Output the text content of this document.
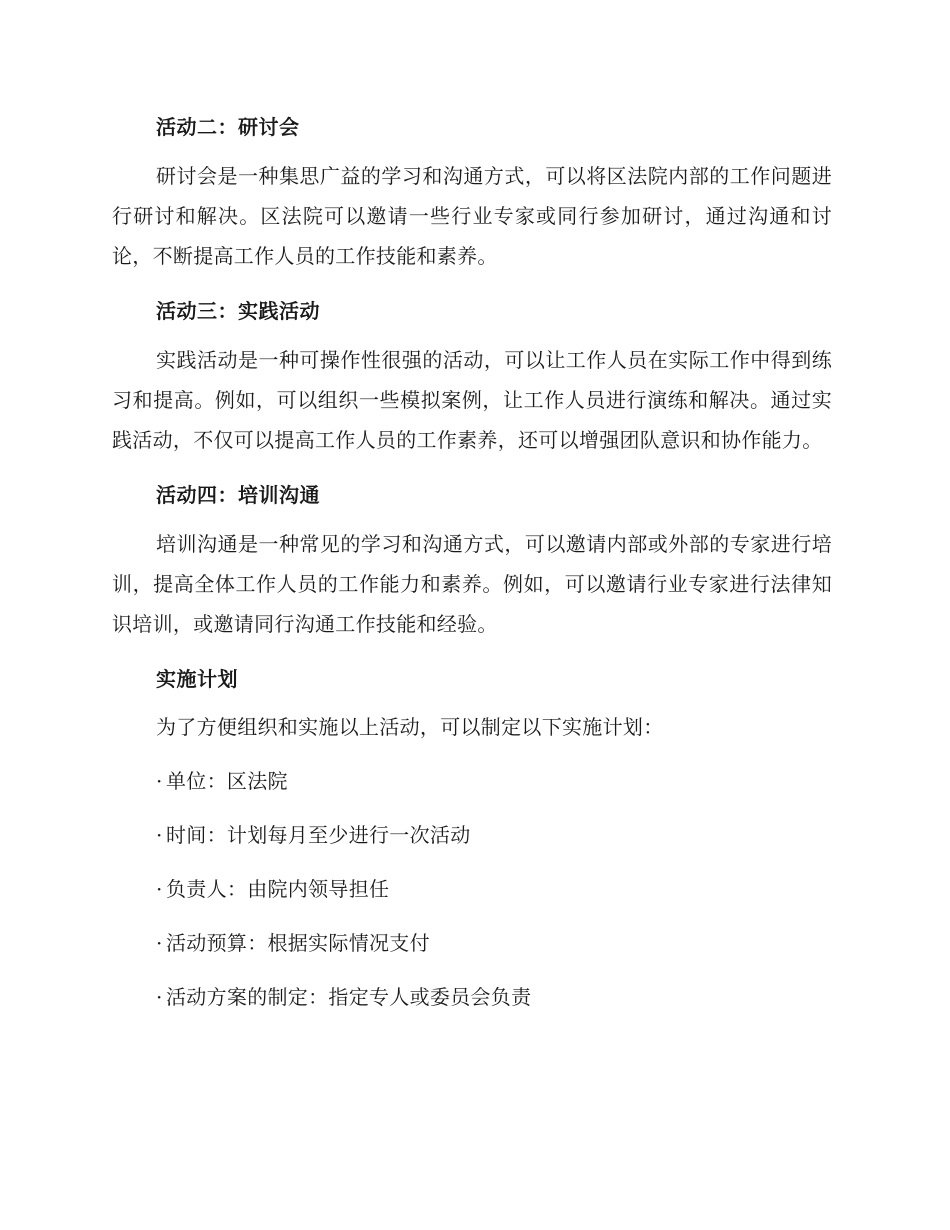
活动二：研讨会

研讨会是一种集思广益的学习和沟通方式，可以将区法院内部的工作问题进行研讨和解决。区法院可以邀请一些行业专家或同行参加研讨，通过沟通和讨论，不断提高工作人员的工作技能和素养。

活动三：实践活动

实践活动是一种可操作性很强的活动，可以让工作人员在实际工作中得到练习和提高。例如，可以组织一些模拟案例，让工作人员进行演练和解决。通过实践活动，不仅可以提高工作人员的工作素养，还可以增强团队意识和协作能力。

活动四：培训沟通

培训沟通是一种常见的学习和沟通方式，可以邀请内部或外部的专家进行培训，提高全体工作人员的工作能力和素养。例如，可以邀请行业专家进行法律知识培训，或邀请同行沟通工作技能和经验。

实施计划

为了方便组织和实施以上活动，可以制定以下实施计划：

· 单位：区法院
· 时间：计划每月至少进行一次活动
· 负责人：由院内领导担任
· 活动预算：根据实际情况支付
· 活动方案的制定：指定专人或委员会负责
